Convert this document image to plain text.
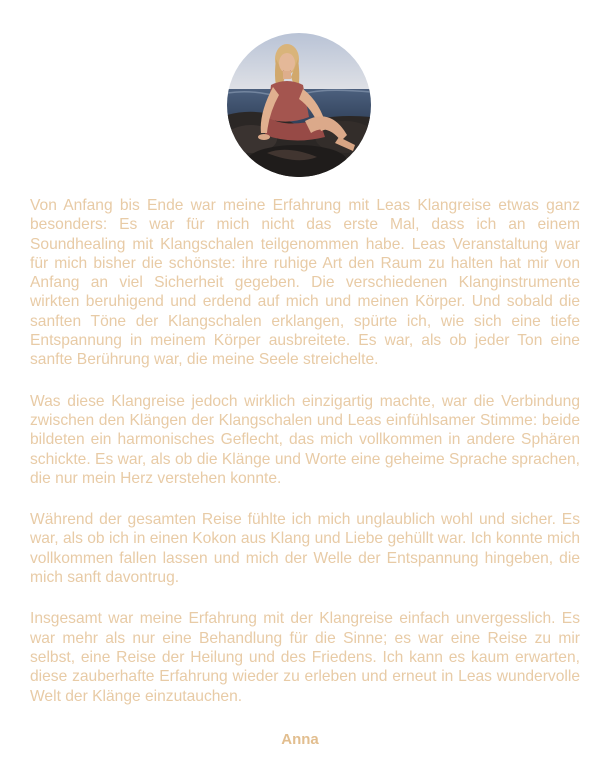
Von Anfang bis Ende war meine Erfahrung mit Leas Klangreise etwas ganz besonders: Es war für mich nicht das erste Mal, dass ich an einem Soundhealing mit Klangschalen teilgenommen habe. Leas Veranstaltung war für mich bisher die schönste: ihre ruhige Art den Raum zu halten hat mir von Anfang an viel Sicherheit gegeben. Die verschiedenen Klanginstrumente wirkten beruhigend und erdend auf mich und meinen Körper. Und sobald die sanften Töne der Klangschalen erklangen, spürte ich, wie sich eine tiefe Entspannung in meinem Körper ausbreitete. Es war, als ob jeder Ton eine sanfte Berührung war, die meine Seele streichelte.

Was diese Klangreise jedoch wirklich einzigartig machte, war die Verbindung zwischen den Klängen der Klangschalen und Leas einfühlsamer Stimme: beide bildeten ein harmonisches Geflecht, das mich vollkommen in andere Sphären schickte. Es war, als ob die Klänge und Worte eine geheime Sprache sprachen, die nur mein Herz verstehen konnte.

Während der gesamten Reise fühlte ich mich unglaublich wohl und sicher. Es war, als ob ich in einen Kokon aus Klang und Liebe gehüllt war. Ich konnte mich vollkommen fallen lassen und mich der Welle der Entspannung hingeben, die mich sanft davontrug.

Insgesamt war meine Erfahrung mit der Klangreise einfach unvergesslich. Es war mehr als nur eine Behandlung für die Sinne; es war eine Reise zu mir selbst, eine Reise der Heilung und des Friedens. Ich kann es kaum erwarten, diese zauberhafte Erfahrung wieder zu erleben und erneut in Leas wundervolle Welt der Klänge einzutauchen.

Anna
